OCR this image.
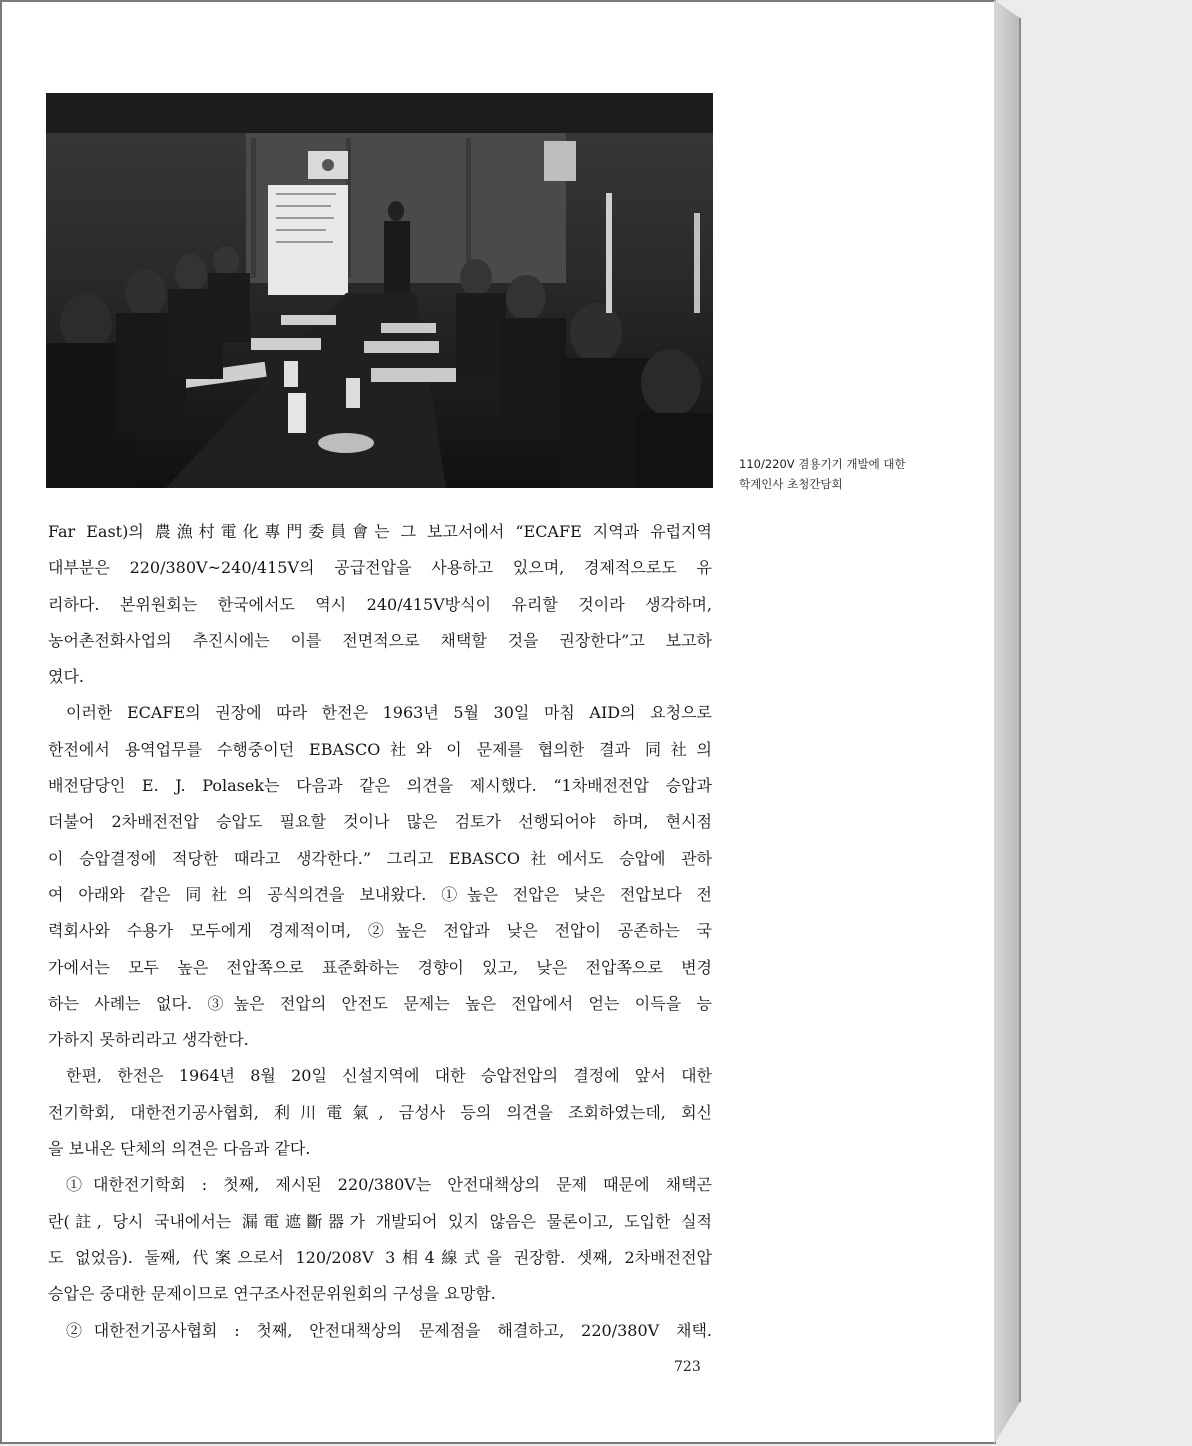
110/220V 겸용기기 개발에 대한
학계인사 초청간담회
Far East)의 農漁村電化專門委員會는 그 보고서에서 “ECAFE 지역과 유럽지역
대부분은 220/380V~240/415V의 공급전압을 사용하고 있으며, 경제적으로도 유
리하다. 본위원회는 한국에서도 역시 240/415V방식이 유리할 것이라 생각하며,
농어촌전화사업의 추진시에는 이를 전면적으로 채택할 것을 권장한다”고 보고하
였다.
이러한 ECAFE의 권장에 따라 한전은 1963년 5월 30일 마침 AID의 요청으로
한전에서 용역업무를 수행중이던 EBASCO社와 이 문제를 협의한 결과 同社의
배전담당인 E. J. Polasek는 다음과 같은 의견을 제시했다. “1차배전전압 승압과
더불어 2차배전전압 승압도 필요할 것이나 많은 검토가 선행되어야 하며, 현시점
이 승압결정에 적당한 때라고 생각한다.” 그리고 EBASCO社에서도 승압에 관하
여 아래와 같은 同社의 공식의견을 보내왔다. ①높은 전압은 낮은 전압보다 전
력회사와 수용가 모두에게 경제적이며, ②높은 전압과 낮은 전압이 공존하는 국
가에서는 모두 높은 전압쪽으로 표준화하는 경향이 있고, 낮은 전압쪽으로 변경
하는 사례는 없다. ③높은 전압의 안전도 문제는 높은 전압에서 얻는 이득을 능
가하지 못하리라고 생각한다.
한편, 한전은 1964년 8월 20일 신설지역에 대한 승압전압의 결정에 앞서 대한
전기학회, 대한전기공사협회, 利川電氣, 금성사 등의 의견을 조회하였는데, 회신
을 보내온 단체의 의견은 다음과 같다.
①대한전기학회 : 첫째, 제시된 220/380V는 안전대책상의 문제 때문에 채택곤
란(註, 당시 국내에서는 漏電遮斷器가 개발되어 있지 않음은 물론이고, 도입한 실적
도 없었음). 둘째, 代案으로서 120/208V 3相4線式을 권장함. 셋째, 2차배전전압
승압은 중대한 문제이므로 연구조사전문위원회의 구성을 요망함.
②대한전기공사협회 : 첫째, 안전대책상의 문제점을 해결하고, 220/380V 채택.
723
